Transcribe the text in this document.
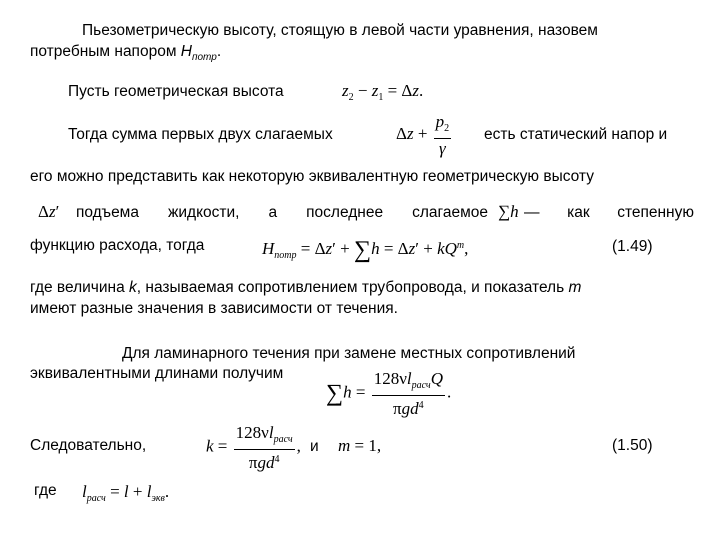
Пьезометрическую высоту, стоящую в левой части уравнения, назовем
потребным напором $H_{потр}$.
Пусть геометрическая высота	$z_2 - z_1 = \Delta z$.
Тогда сумма первых двух слагаемых	$\Delta z + \frac{p_2}{\gamma}$ есть статический напор и
его можно представить как некоторую эквивалентную геометрическую высоту
Δz′ подъема жидкости, а последнее слагаемое ∑h — как степенную
функцию расхода, тогда	$H_{потр} = \Delta z' + \sum h = \Delta z' + kQ^m$,	(1.49)
где величина k, называемая сопротивлением трубопровода, и показатель m
имеют разные значения в зависимости от течения.
Для ламинарного течения при замене местных сопротивлений
эквивалентными длинами получим
$\sum h = \frac{128\nu l_{расч}Q}{\pi gd^4}$ .
Следовательно,	$k = \frac{128\nu l_{расч}}{\pi gd^4}$ , и m = 1,	(1.50)
где $l_{расч} = l + l_{экв}$.
